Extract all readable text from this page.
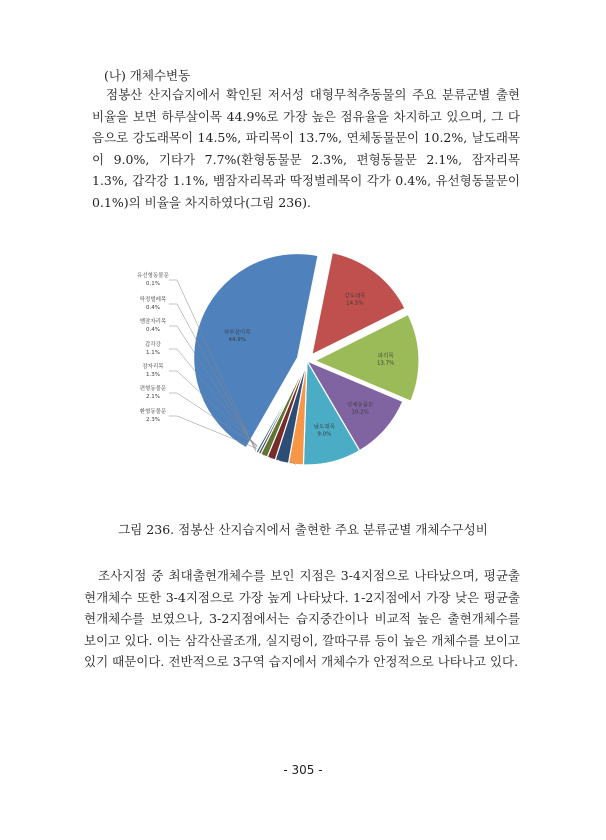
(나) 개체수변동
점봉산 산지습지에서 확인된 저서성 대형무척추동물의 주요 분류군별 출현비율을 보면 하루살이목 44.9%로 가장 높은 점유율을 차지하고 있으며, 그 다음으로 강도래목이 14.5%, 파리목이 13.7%, 연체동물문이 10.2%, 날도래목이 9.0%, 기타가 7.7%(환형동물문 2.3%, 편형동물문 2.1%, 잠자리목 1.3%, 갑각강 1.1%, 뱀잠자리목과 딱정벌레목이 각가 0.4%, 유선형동물문이 0.1%)의 비율을 차지하였다(그림 236).
하루살이목
44.9%
강도래목
14.5%
파리목
13.7%
연체동물문
10.2%
날도래목
9.0%
환형동물문
2.3%
편형동물문
2.1%
잠자리목
1.3%
갑각강
1.1%
뱀잠자리목
0.4%
딱정벌레목
0.4%
유선형동물문
0.1%
그림 236. 점봉산 산지습지에서 출현한 주요 분류군별 개체수구성비
조사지점 중 최대출현개체수를 보인 지점은 3-4지점으로 나타났으며, 평균출현개체수 또한 3-4지점으로 가장 높게 나타났다. 1-2지점에서 가장 낮은 평균출현개체수를 보였으나, 3-2지점에서는 습지중간이나 비교적 높은 출현개체수를 보이고 있다. 이는 삼각산골조개, 실지렁이, 깔따구류 등이 높은 개체수를 보이고 있기 때문이다. 전반적으로 3구역 습지에서 개체수가 안정적으로 나타나고 있다.
- 305 -
